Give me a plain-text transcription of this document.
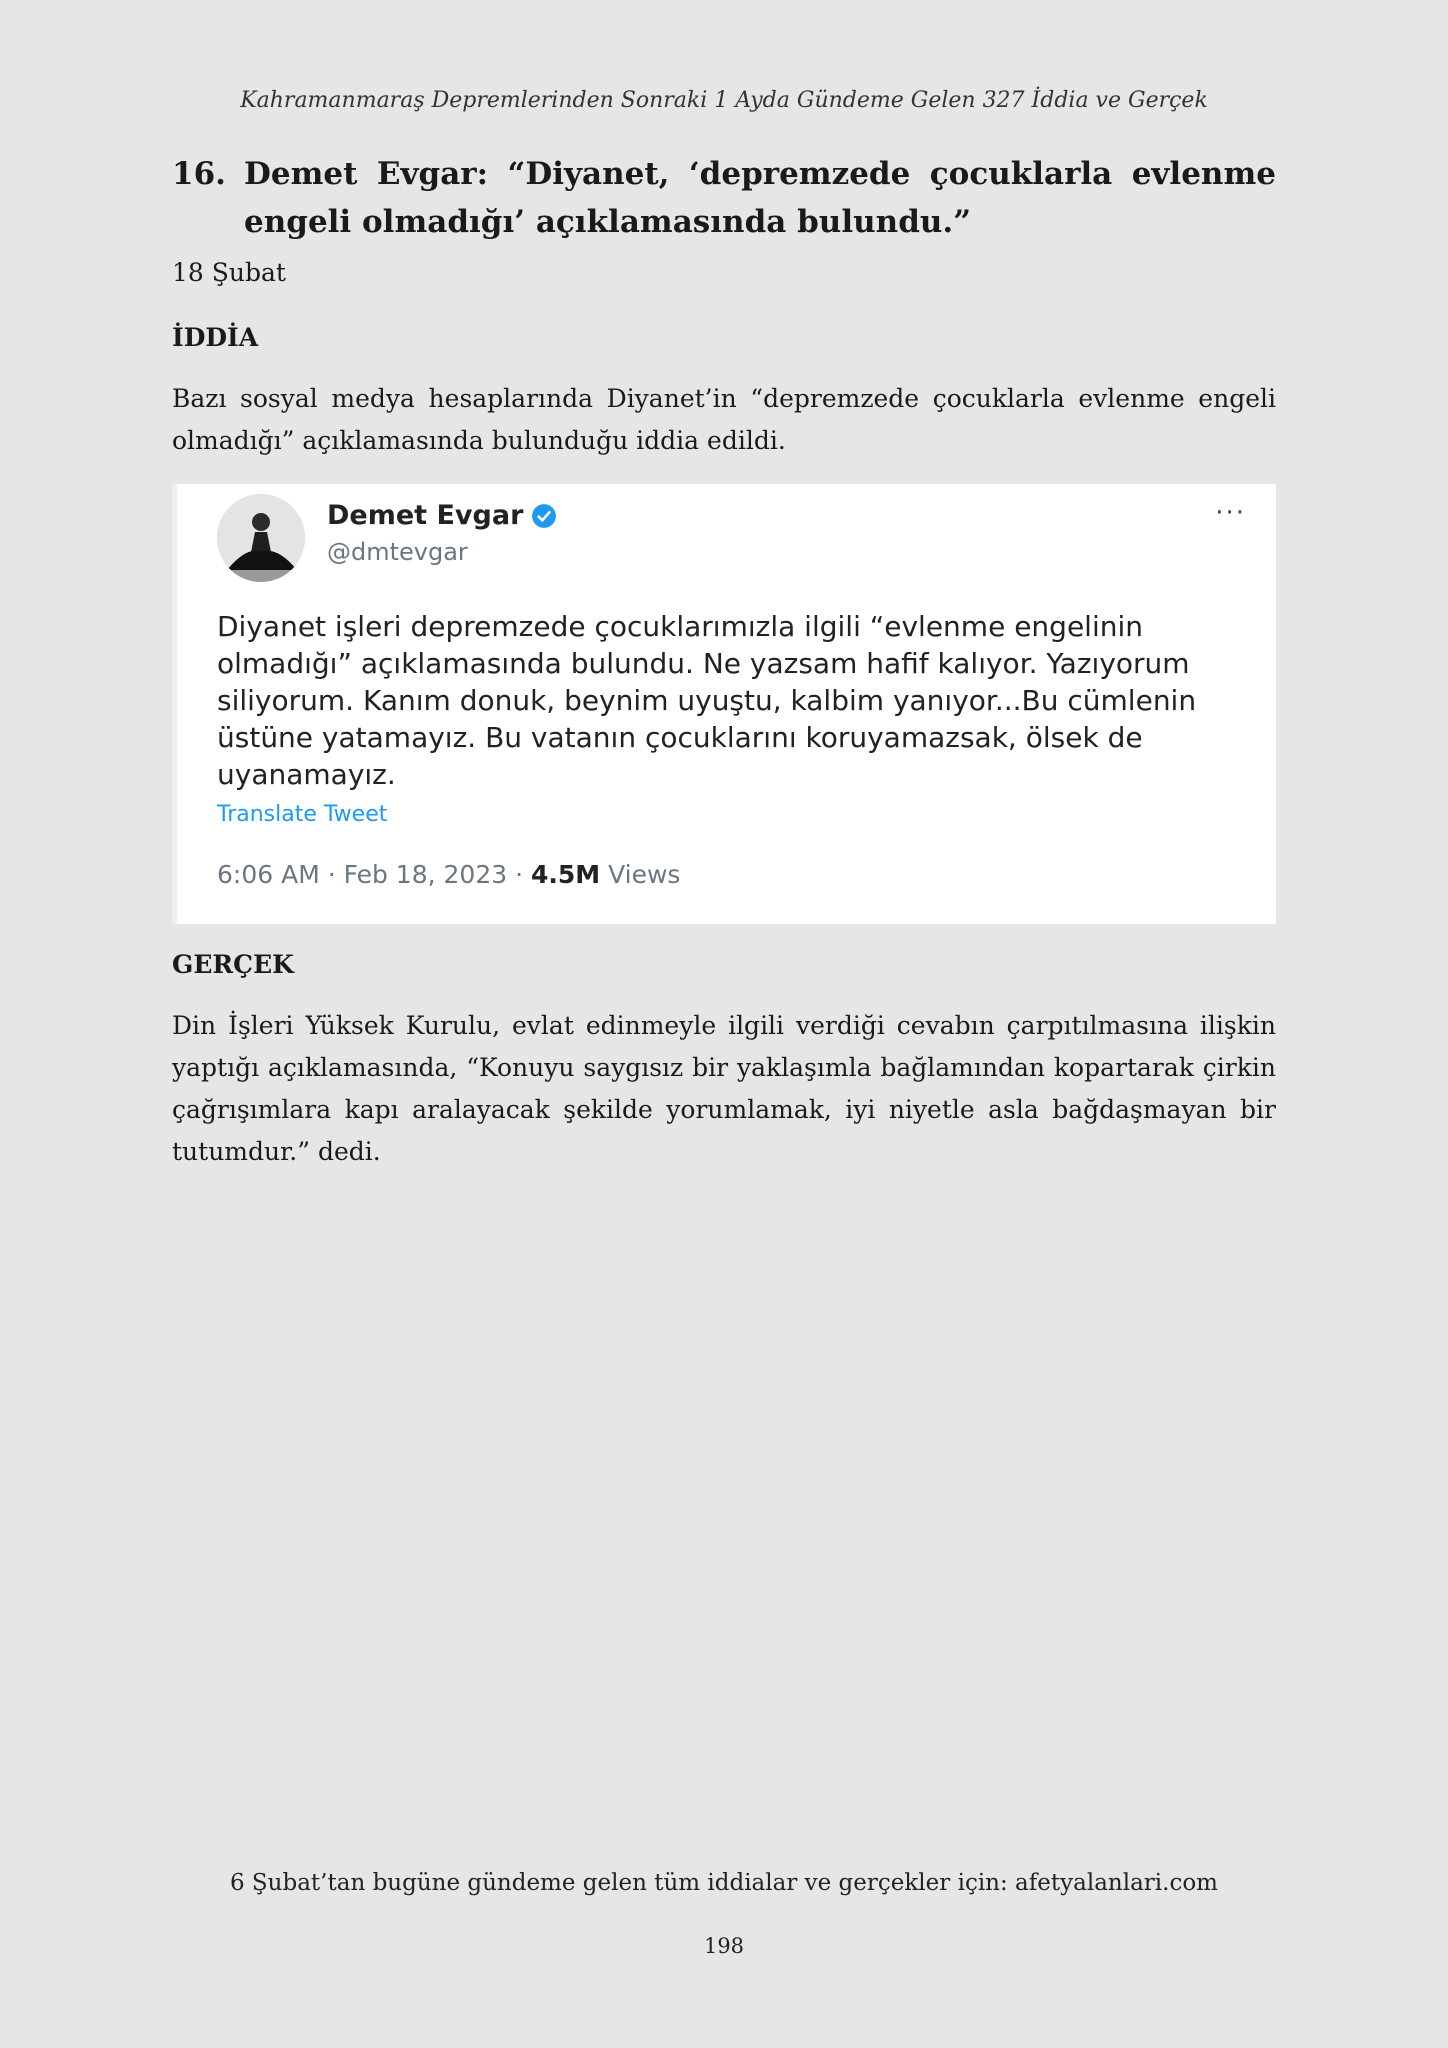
Kahramanmaraş Depremlerinden Sonraki 1 Ayda Gündeme Gelen 327 İddia ve Gerçek
16. Demet Evgar: “Diyanet, ‘depremzede çocuklarla evlenme engeli olmadığı’ açıklamasında bulundu.”
18 Şubat
İDDİA
Bazı sosyal medya hesaplarında Diyanet’in “depremzede çocuklarla evlenme engeli olmadığı” açıklamasında bulunduğu iddia edildi.
Demet Evgar
@dmtevgar
···
Diyanet işleri depremzede çocuklarımızla ilgili “evlenme engelinin olmadığı” açıklamasında bulundu. Ne yazsam hafif kalıyor. Yazıyorum siliyorum. Kanım donuk, beynim uyuştu, kalbim yanıyor...Bu cümlenin üstüne yatamayız. Bu vatanın çocuklarını koruyamazsak, ölsek de uyanamayız.
Translate Tweet
6:06 AM · Feb 18, 2023 · 4.5M Views
GERÇEK
Din İşleri Yüksek Kurulu, evlat edinmeyle ilgili verdiği cevabın çarpıtılmasına ilişkin yaptığı açıklamasında, “Konuyu saygısız bir yaklaşımla bağlamından kopartarak çirkin çağrışımlara kapı aralayacak şekilde yorumlamak, iyi niyetle asla bağdaşmayan bir tutumdur.” dedi.
6 Şubat’tan bugüne gündeme gelen tüm iddialar ve gerçekler için: afetyalanlari.com
198
